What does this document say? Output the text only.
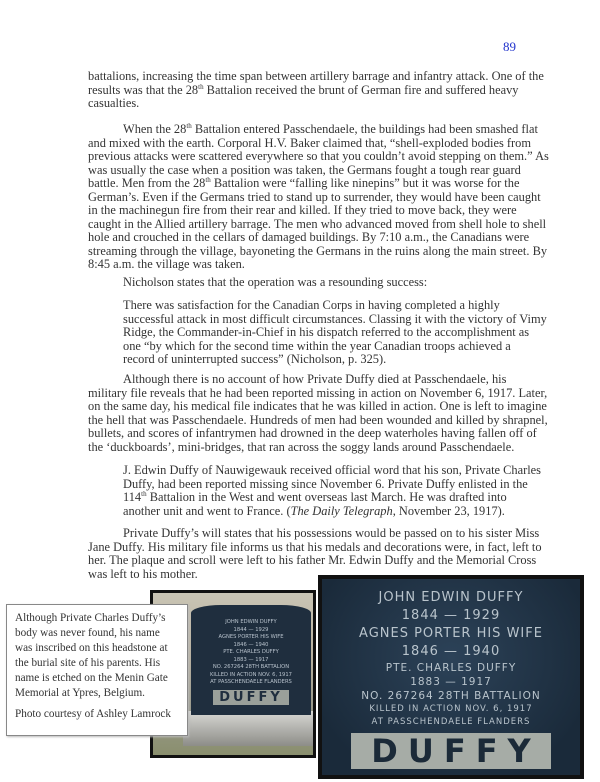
89
battalions, increasing the time span between artillery barrage and infantry attack. One of the
results was that the 28th Battalion received the brunt of German fire and suffered heavy
casualties.
When the 28th Battalion entered Passchendaele, the buildings had been smashed flat
and mixed with the earth. Corporal H.V. Baker claimed that, “shell-exploded bodies from
previous attacks were scattered everywhere so that you couldn’t avoid stepping on them.” As
was usually the case when a position was taken, the Germans fought a tough rear guard
battle. Men from the 28th Battalion were “falling like ninepins” but it was worse for the
German’s. Even if the Germans tried to stand up to surrender, they would have been caught
in the machinegun fire from their rear and killed. If they tried to move back, they were
caught in the Allied artillery barrage. The men who advanced moved from shell hole to shell
hole and crouched in the cellars of damaged buildings. By 7:10 a.m., the Canadians were
streaming through the village, bayoneting the Germans in the ruins along the main street. By
8:45 a.m. the village was taken.
Nicholson states that the operation was a resounding success:
There was satisfaction for the Canadian Corps in having completed a highly
successful attack in most difficult circumstances. Classing it with the victory of Vimy
Ridge, the Commander-in-Chief in his dispatch referred to the accomplishment as
one “by which for the second time within the year Canadian troops achieved a
record of uninterrupted success” (Nicholson, p. 325).
Although there is no account of how Private Duffy died at Passchendaele, his
military file reveals that he had been reported missing in action on November 6, 1917. Later,
on the same day, his medical file indicates that he was killed in action. One is left to imagine
the hell that was Passchendaele. Hundreds of men had been wounded and killed by shrapnel,
bullets, and scores of infantrymen had drowned in the deep waterholes having fallen off of
the ‘duckboards’, mini-bridges, that ran across the soggy lands around Passchendaele.
J. Edwin Duffy of Nauwigewauk received official word that his son, Private Charles
Duffy, had been reported missing since November 6. Private Duffy enlisted in the
114th Battalion in the West and went overseas last March. He was drafted into
another unit and went to France. (The Daily Telegraph, November 23, 1917).
Private Duffy’s will states that his possessions would be passed on to his sister Miss
Jane Duffy. His military file informs us that his medals and decorations were, in fact, left to
her. The plaque and scroll were left to his father Mr. Edwin Duffy and the Memorial Cross
was left to his mother.

Although Private Charles Duffy’s body was never found, his name was inscribed on this headstone at the burial site of his parents. His name is etched on the Menin Gate Memorial at Ypres, Belgium.

Photo courtesy of Ashley Lamrock

JOHN EDWIN DUFFY
1844 — 1929
AGNES PORTER HIS WIFE
1846 — 1940
PTE. CHARLES DUFFY
1883 — 1917
NO. 267264 28TH BATTALION
KILLED IN ACTION NOV. 6, 1917
AT PASSCHENDAELE FLANDERS
DUFFY
JOHN EDWIN DUFFY
1844 — 1929
AGNES PORTER HIS WIFE
1846 — 1940
PTE. CHARLES DUFFY
1883 — 1917
NO. 267264 28TH BATTALION
KILLED IN ACTION NOV. 6, 1917
AT PASSCHENDAELE FLANDERS
DUFFY
